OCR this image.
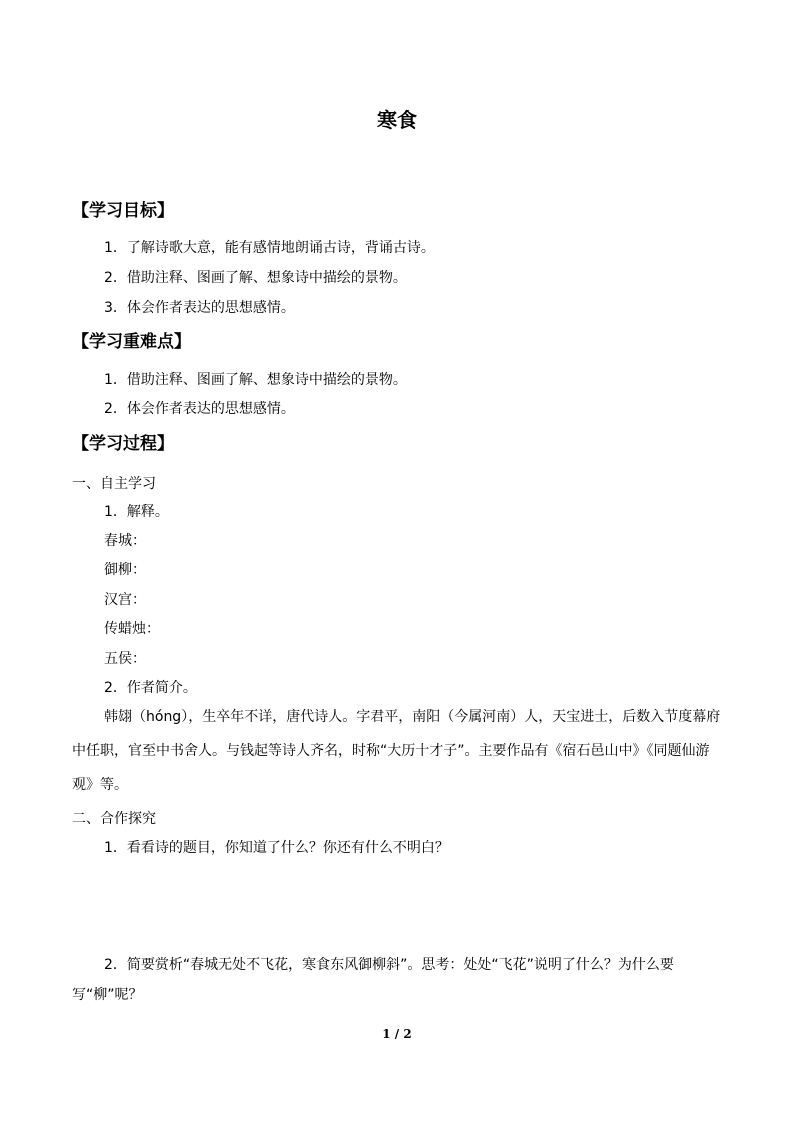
寒食
【学习目标】
1．了解诗歌大意，能有感情地朗诵古诗，背诵古诗。
2．借助注释、图画了解、想象诗中描绘的景物。
3．体会作者表达的思想感情。
【学习重难点】
1．借助注释、图画了解、想象诗中描绘的景物。
2．体会作者表达的思想感情。
【学习过程】
一、自主学习
1．解释。
春城：
御柳：
汉宫：
传蜡烛：
五侯：
2．作者简介。
韩翃（hóng），生卒年不详，唐代诗人。字君平，南阳（今属河南）人，天宝进士，后数入节度幕府中任职，官至中书舍人。与钱起等诗人齐名，时称“大历十才子”。主要作品有《宿石邑山中》《同题仙游观》等。
二、合作探究
1．看看诗的题目，你知道了什么？你还有什么不明白？
2．简要赏析“春城无处不飞花，寒食东风御柳斜”。思考：处处“飞花”说明了什么？为什么要写“柳”呢？
1 / 2
